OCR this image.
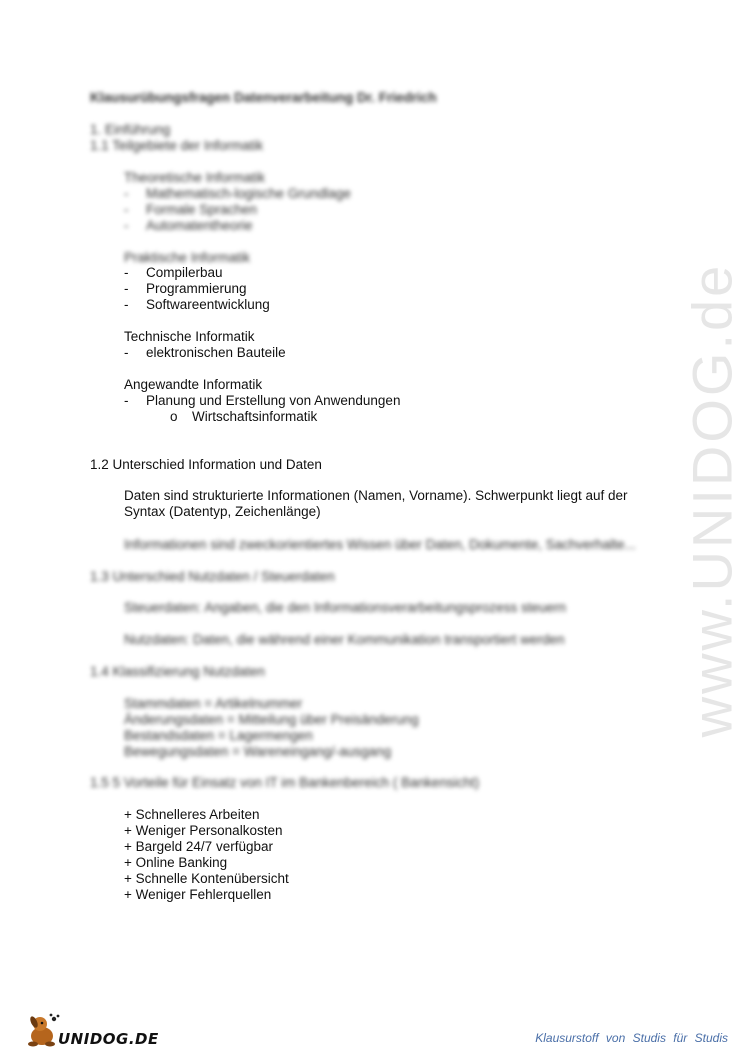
www.UNIDOG.de
Klausurübungsfragen Datenverarbeitung Dr. Friedrich
1. Einführung
1.1 Teilgebiete der Informatik
Theoretische Informatik
- Mathematisch-logische Grundlage
- Formale Sprachen
- Automatentheorie
Praktische Informatik
- Compilerbau
- Programmierung
- Softwareentwicklung
Technische Informatik
- elektronischen Bauteile
Angewandte Informatik
- Planung und Erstellung von Anwendungen
o Wirtschaftsinformatik
1.2 Unterschied Information und Daten
Daten sind strukturierte Informationen (Namen, Vorname). Schwerpunkt liegt auf der
Syntax (Datentyp, Zeichenlänge)
Informationen sind zweckorientiertes Wissen über Daten, Dokumente, Sachverhalte...
1.3 Unterschied Nutzdaten / Steuerdaten
Steuerdaten: Angaben, die den Informationsverarbeitungsprozess steuern
Nutzdaten: Daten, die während einer Kommunikation transportiert werden
1.4 Klassifizierung Nutzdaten
Stammdaten = Artikelnummer
Änderungsdaten = Mitteilung über Preisänderung
Bestandsdaten = Lagermengen
Bewegungsdaten = Wareneingang/-ausgang
1.5 5 Vorteile für Einsatz von IT im Bankenbereich ( Bankensicht)
+ Schnelleres Arbeiten
+ Weniger Personalkosten
+ Bargeld 24/7 verfügbar
+ Online Banking
+ Schnelle Kontenübersicht
+ Weniger Fehlerquellen
UNIDOG.DE	Klausurstoff von Studis für Studis
